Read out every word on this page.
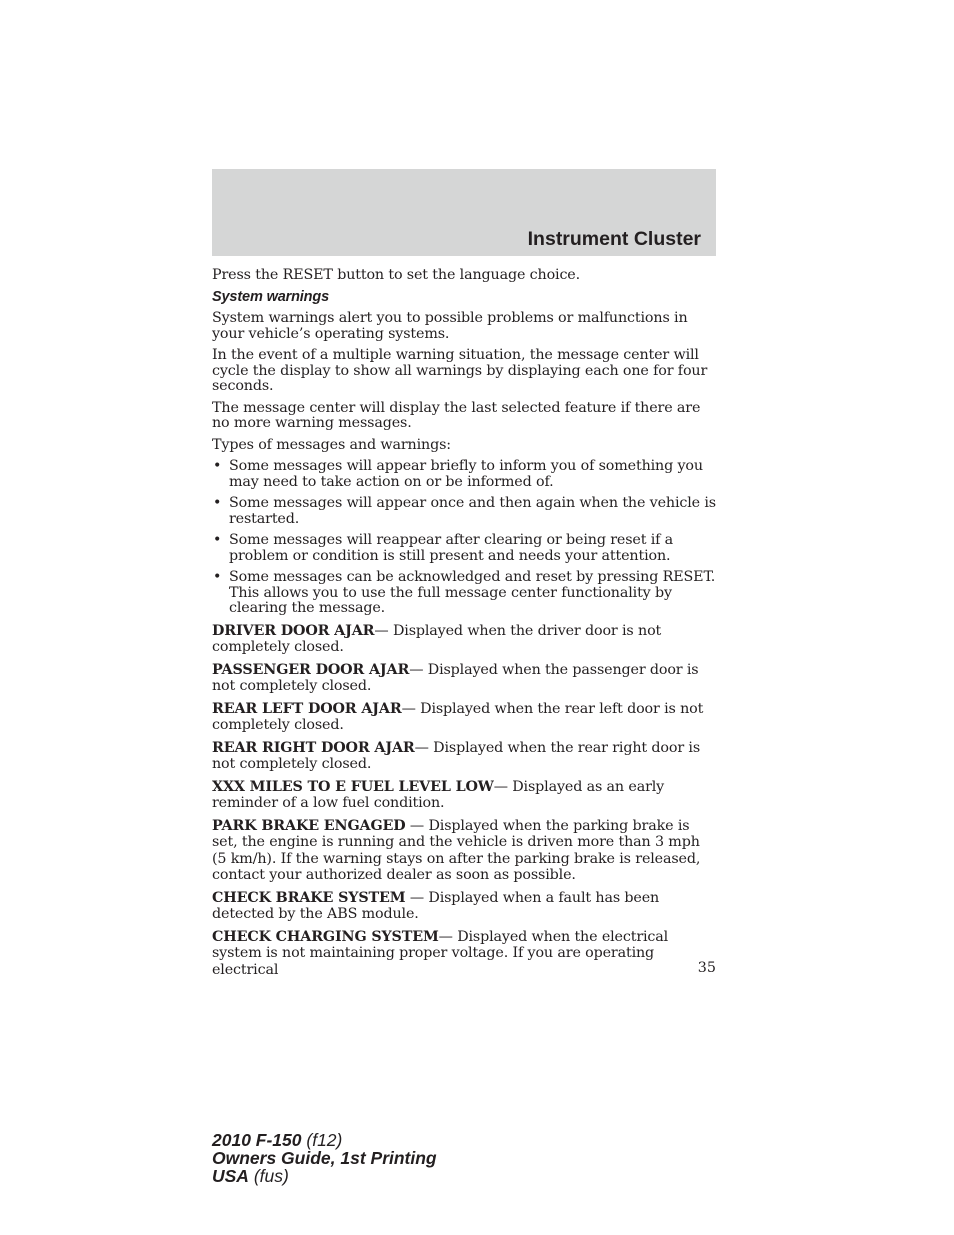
Instrument Cluster

Press the RESET button to set the language choice.

System warnings

System warnings alert you to possible problems or malfunctions in your vehicle’s operating systems.

In the event of a multiple warning situation, the message center will cycle the display to show all warnings by displaying each one for four seconds.

The message center will display the last selected feature if there are no more warning messages.

Types of messages and warnings:

• Some messages will appear briefly to inform you of something you may need to take action on or be informed of.
• Some messages will appear once and then again when the vehicle is restarted.
• Some messages will reappear after clearing or being reset if a problem or condition is still present and needs your attention.
• Some messages can be acknowledged and reset by pressing RESET. This allows you to use the full message center functionality by clearing the message.

DRIVER DOOR AJAR— Displayed when the driver door is not completely closed.

PASSENGER DOOR AJAR— Displayed when the passenger door is not completely closed.

REAR LEFT DOOR AJAR— Displayed when the rear left door is not completely closed.

REAR RIGHT DOOR AJAR— Displayed when the rear right door is not completely closed.

XXX MILES TO E FUEL LEVEL LOW— Displayed as an early reminder of a low fuel condition.

PARK BRAKE ENGAGED — Displayed when the parking brake is set, the engine is running and the vehicle is driven more than 3 mph (5 km/h). If the warning stays on after the parking brake is released, contact your authorized dealer as soon as possible.

CHECK BRAKE SYSTEM — Displayed when a fault has been detected by the ABS module.

CHECK CHARGING SYSTEM— Displayed when the electrical system is not maintaining proper voltage. If you are operating electrical	35
2010 F-150 (f12)
Owners Guide, 1st Printing
USA (fus)
